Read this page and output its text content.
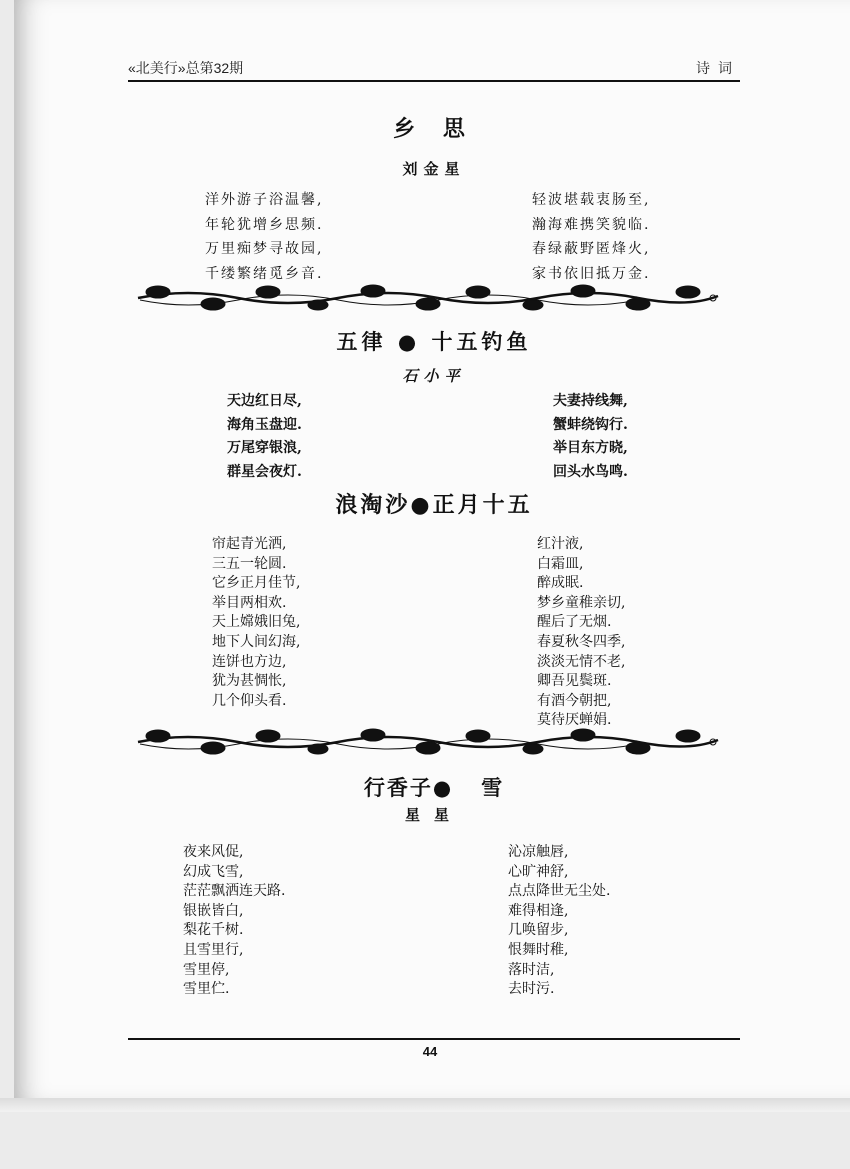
«北美行»总第32期	诗词
乡 思
刘金星
洋外游子浴温馨,
年轮犹增乡思频.
万里痴梦寻故园,
千缕繁绪觅乡音.
轻波堪载衷肠至,
瀚海难携笑貌临.
春绿蔽野匿烽火,
家书依旧抵万金.
五律 ● 十五钓鱼
石小平
天边红日尽,
海角玉盘迎.
万尾穿银浪,
群星会夜灯.
夫妻持线舞,
蟹蚌绕钩行.
举目东方晓,
回头水鸟鸣.
浪淘沙●正月十五
帘起青光洒,
三五一轮圆.
它乡正月佳节,
举目两相欢.
天上嫦娥旧兔,
地下人间幻海,
连饼也方边,
犹为甚惆怅,
几个仰头看.
红汁液,
白霜皿,
醉成眠.
梦乡童稚亲切,
醒后了无烟.
春夏秋冬四季,
淡淡无情不老,
卿吾见鬓斑.
有酒今朝把,
莫待厌蝉娟.
行香子●   雪
星星
夜来风促,
幻成飞雪,
茫茫飘洒连天路.
银嵌皆白,
梨花千树.
且雪里行,
雪里停,
雪里伫.
沁凉触唇,
心旷神舒,
点点降世无尘处.
难得相逢,
几唤留步,
恨舞时稚,
落时洁,
去时污.
44
